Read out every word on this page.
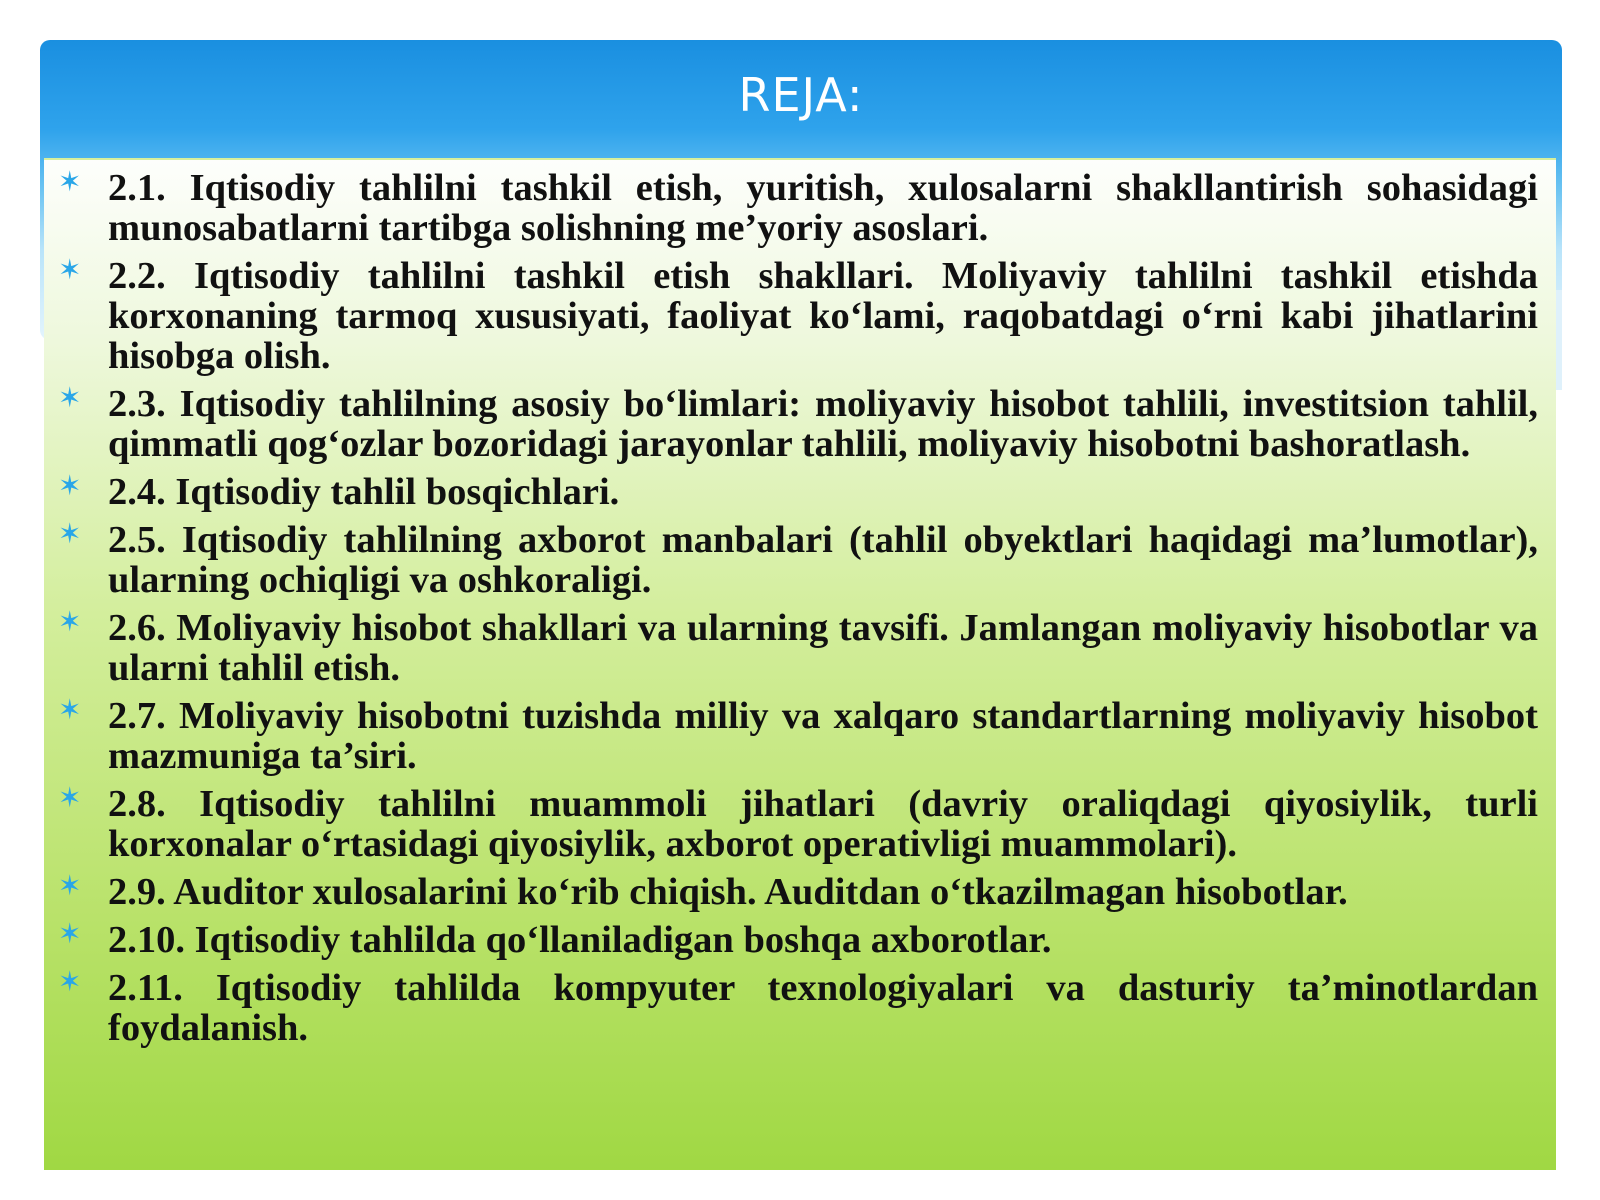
REJA:
✶ 2.1. Iqtisodiy tahlilni tashkil etish, yuritish, xulosalarni shakllantirish sohasidagi munosabatlarni tartibga solishning me’yoriy asoslari.
✶ 2.2. Iqtisodiy tahlilni tashkil etish shakllari. Moliyaviy tahlilni tashkil etishda korxonaning tarmoq xususiyati, faoliyat ko‘lami, raqobatdagi o‘rni kabi jihatlarini hisobga olish.
✶ 2.3. Iqtisodiy tahlilning asosiy bo‘limlari: moliyaviy hisobot tahlili, investitsion tahlil, qimmatli qog‘ozlar bozoridagi jarayonlar tahlili, moliyaviy hisobotni bashoratlash.
✶ 2.4. Iqtisodiy tahlil bosqichlari.
✶ 2.5. Iqtisodiy tahlilning axborot manbalari (tahlil obyektlari haqidagi ma’lumotlar), ularning ochiqligi va oshkoraligi.
✶ 2.6. Moliyaviy hisobot shakllari va ularning tavsifi. Jamlangan moliyaviy hisobotlar va ularni tahlil etish.
✶ 2.7. Moliyaviy hisobotni tuzishda milliy va xalqaro standartlarning moliyaviy hisobot mazmuniga ta’siri.
✶ 2.8. Iqtisodiy tahlilni muammoli jihatlari (davriy oraliqdagi qiyosiylik, turli korxonalar o‘rtasidagi qiyosiylik, axborot operativligi muammolari).
✶ 2.9. Auditor xulosalarini ko‘rib chiqish. Auditdan o‘tkazilmagan hisobotlar.
✶ 2.10. Iqtisodiy tahlilda qo‘llaniladigan boshqa axborotlar.
✶ 2.11. Iqtisodiy tahlilda kompyuter texnologiyalari va dasturiy ta’minotlardan foydalanish.
